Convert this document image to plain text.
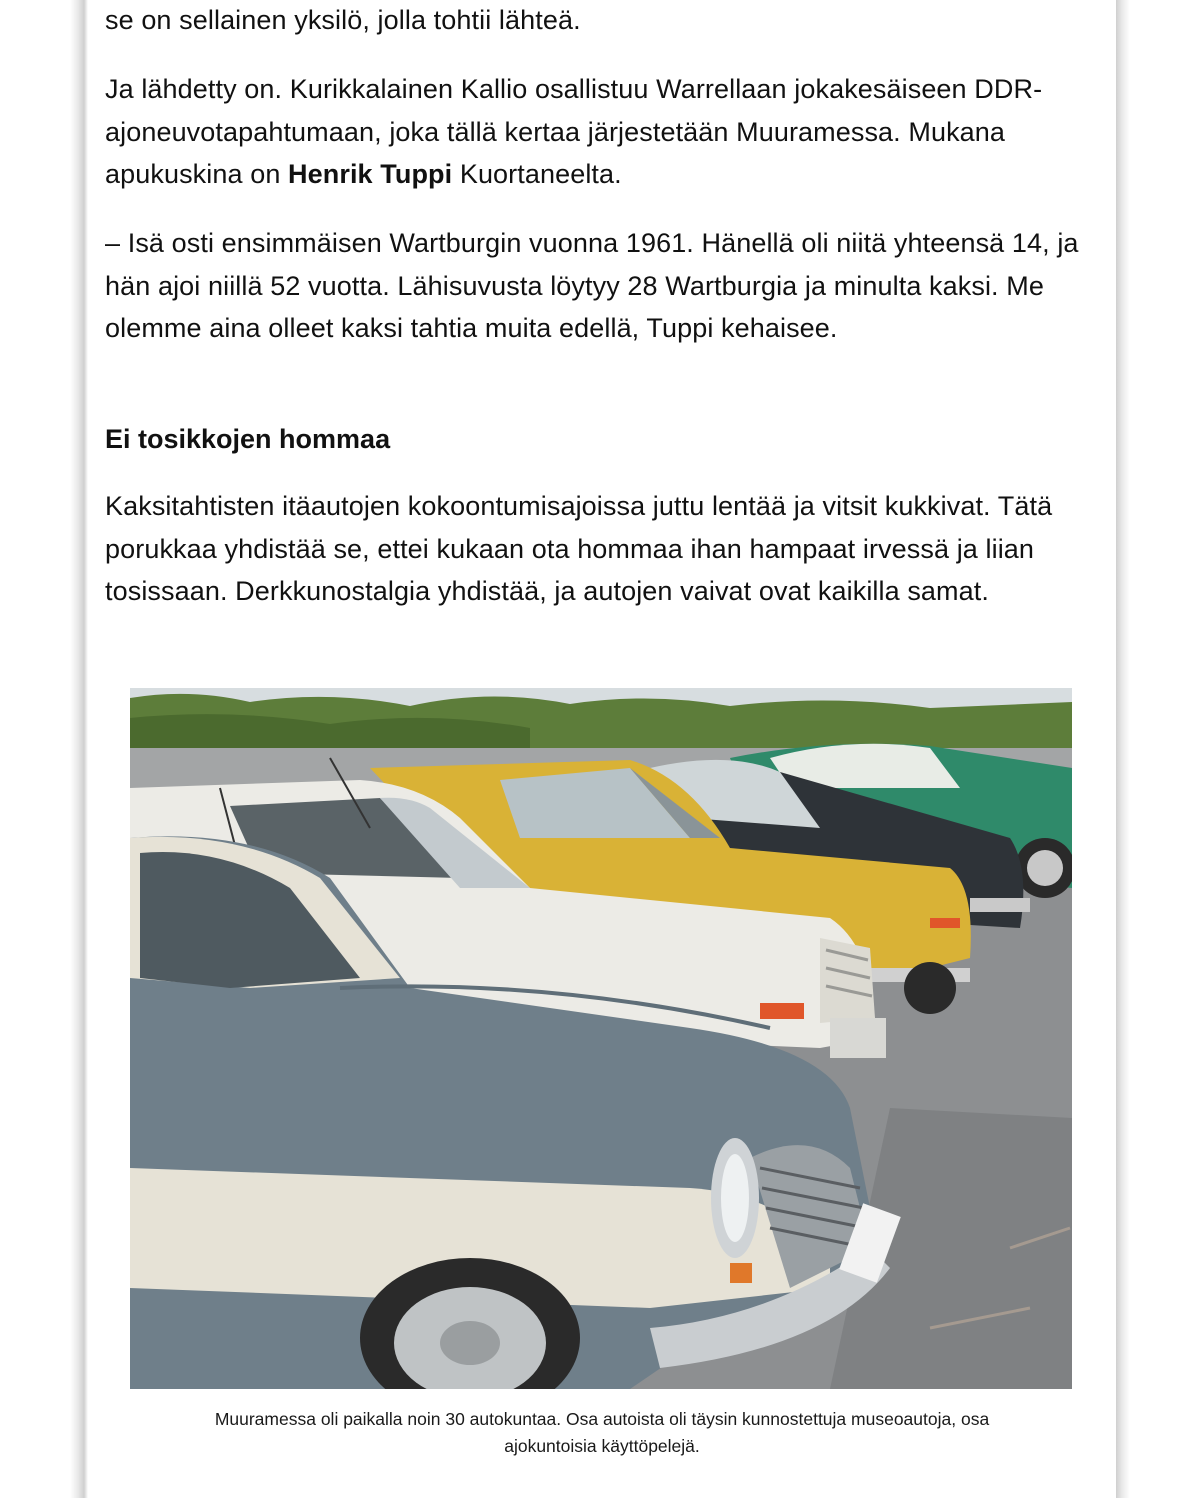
se on sellainen yksilö, jolla tohtii lähteä.

Ja lähdetty on. Kurikkalainen Kallio osallistuu Warrellaan jokakesäiseen DDR-ajoneuvotapahtumaan, joka tällä kertaa järjestetään Muuramessa. Mukana apukuskina on Henrik Tuppi Kuortaneelta.

– Isä osti ensimmäisen Wartburgin vuonna 1961. Hänellä oli niitä yhteensä 14, ja hän ajoi niillä 52 vuotta. Lähisuvusta löytyy 28 Wartburgia ja minulta kaksi. Me olemme aina olleet kaksi tahtia muita edellä, Tuppi kehaisee.

Ei tosikkojen hommaa

Kaksitahtisten itäautojen kokoontumisajoissa juttu lentää ja vitsit kukkivat. Tätä porukkaa yhdistää se, ettei kukaan ota hommaa ihan hampaat irvessä ja liian tosissaan. Derkkunostalgia yhdistää, ja autojen vaivat ovat kaikilla samat.

Muuramessa oli paikalla noin 30 autokuntaa. Osa autoista oli täysin kunnostettuja museoautoja, osa
ajokuntoisia käyttöpelejä.
